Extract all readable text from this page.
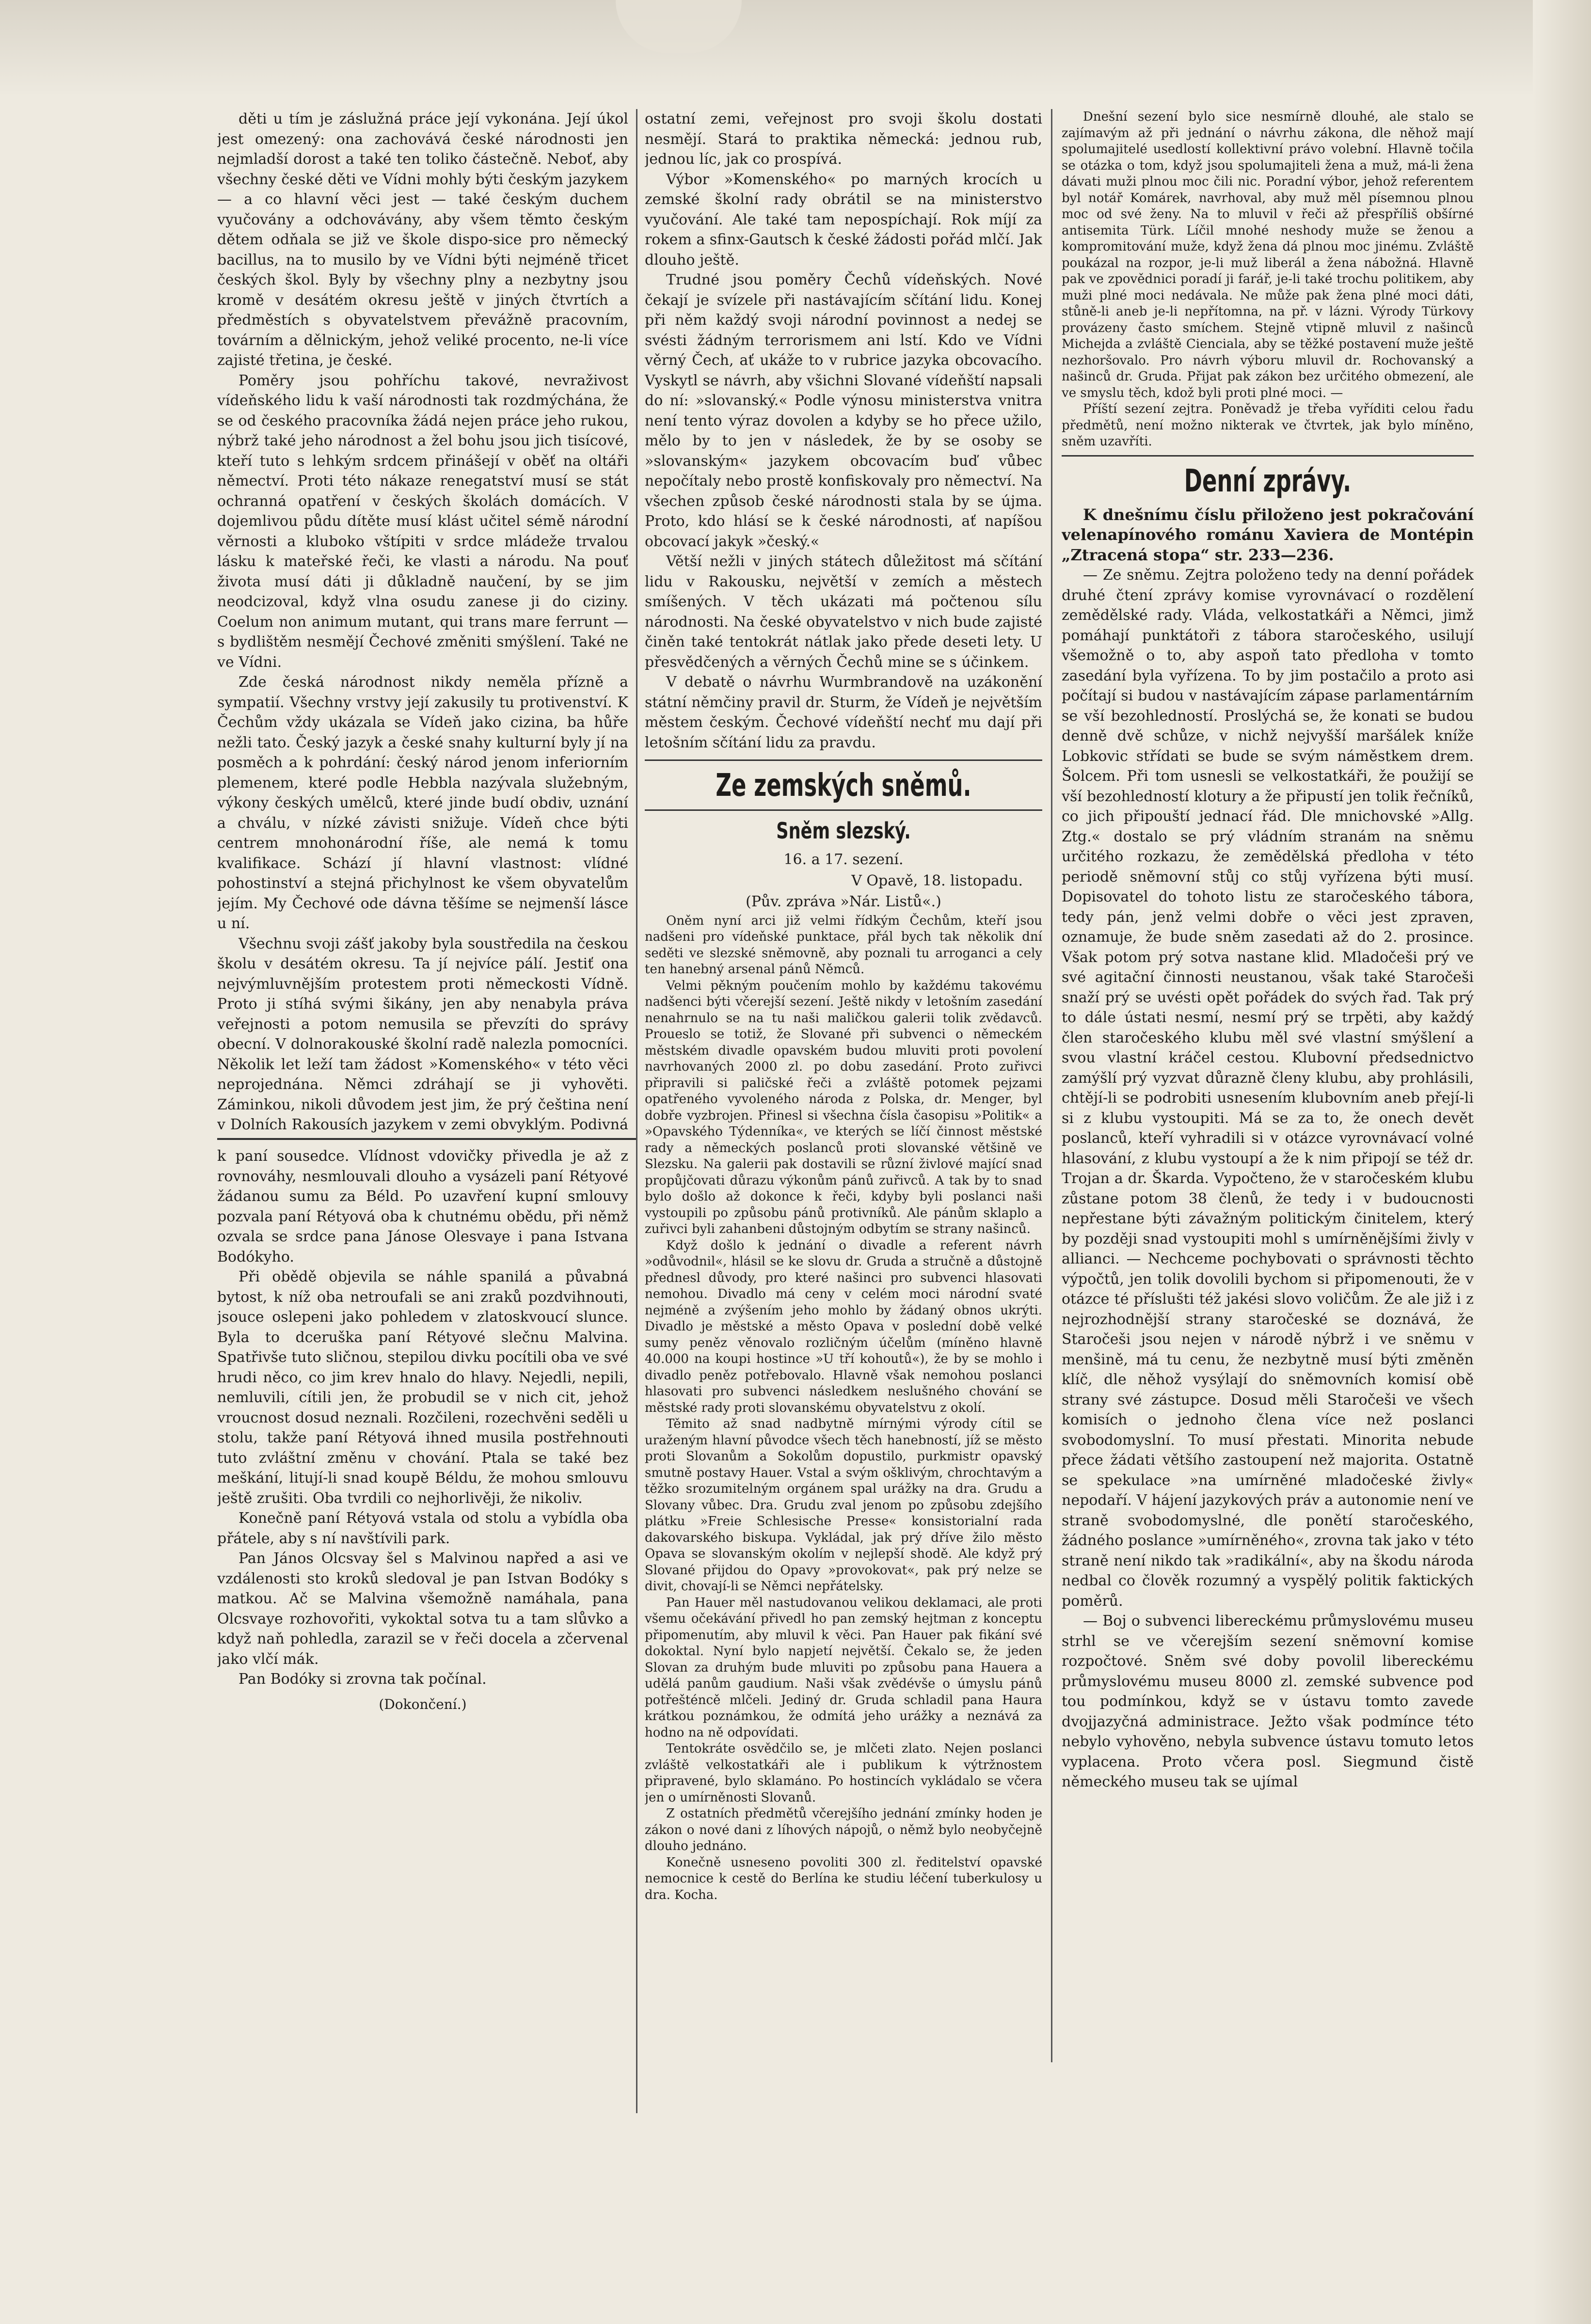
děti u tím je záslužná práce její vykonána. Její úkol jest omezený: ona zachovává české národnosti jen nejmladší dorost a také ten toliko částečně. Neboť, aby všechny české děti ve Vídni mohly býti českým jazykem — a co hlavní věci jest — také českým duchem vyučovány a odchovávány, aby všem těmto českým dětem odňala se již ve škole dispo-sice pro německý bacillus, na to musilo by ve Vídni býti nejméně třicet českých škol. Byly by všechny plny a nezbytny jsou kromě v desátém okresu ještě v jiných čtvrtích a předměstích s obyvatelstvem převážně pracovním, továrním a dělnickým, jehož veliké procento, ne-li více zajisté třetina, je české.

Poměry jsou pohříchu takové, nevraživost vídeňského lidu k vaší národnosti tak rozdmýchána, že se od českého pracovníka žádá nejen práce jeho rukou, nýbrž také jeho národnost a žel bohu jsou jich tisícové, kteří tuto s lehkým srdcem přinášejí v oběť na oltáři němectví. Proti této nákaze renegatství musí se stát ochranná opatření v českých školách domácích. V dojemlivou půdu dítěte musí klást učitel sémě národní věrnosti a kluboko vštípiti v srdce mládeže trvalou lásku k mateřské řeči, ke vlasti a národu. Na pouť života musí dáti ji důkladně naučení, by se jim neodcizoval, když vlna osudu zanese ji do ciziny. Coelum non animum mutant, qui trans mare ferrunt — s bydlištěm nesmějí Čechové změniti smýšlení. Také ne ve Vídni.

Zde česká národnost nikdy neměla přízně a sympatií. Všechny vrstvy její zakusily tu protivenství. K Čechům vždy ukázala se Vídeň jako cizina, ba hůře nežli tato. Český jazyk a české snahy kulturní byly jí na posměch a k pohrdání: český národ jenom inferiorním plemenem, které podle Hebbla nazývala služebným, výkony českých umělců, které jinde budí obdiv, uznání a chválu, v nízké závisti snižuje. Vídeň chce býti centrem mnohonárodní říše, ale nemá k tomu kvalifikace. Schází jí hlavní vlastnost: vlídné pohostinství a stejná přichylnost ke všem obyvatelům jejím. My Čechové ode dávna těšíme se nejmenší lásce u ní.

Všechnu svoji zášť jakoby byla soustředila na českou školu v desátém okresu. Ta jí nejvíce pálí. Jestiť ona nejvýmluvnějším protestem proti německosti Vídně. Proto ji stíhá svými šikány, jen aby nenabyla práva veřejnosti a potom nemusila se převzíti do správy obecní. V dolnorakouské školní radě nalezla pomocníci. Několik let leží tam žádost »Komenského« v této věci neprojednána. Němci zdráhají se ji vyhověti. Záminkou, nikoli důvodem jest jim, že prý čeština není v Dolních Rakousích jazykem v zemi obvyklým. Podivná

k paní sousedce. Vlídnost vdovičky přivedla je až z rovnováhy, nesmlouvali dlouho a vysázeli paní Rétyové žádanou sumu za Béld. Po uzavření kupní smlouvy pozvala paní Rétyová oba k chutnému obědu, při němž ozvala se srdce pana Jánose Olesvaye i pana Istvana Bodókyho.

Při obědě objevila se náhle spanilá a půvabná bytost, k níž oba netroufali se ani zraků pozdvihnouti, jsouce oslepeni jako pohledem v zlatoskvoucí slunce. Byla to dceruška paní Rétyové slečnu Malvina. Spatřivše tuto sličnou, stepilou divku pocítili oba ve své hrudi něco, co jim krev hnalo do hlavy. Nejedli, nepili, nemluvili, cítili jen, že probudil se v nich cit, jehož vroucnost dosud neznali. Rozčileni, rozechvěni seděli u stolu, takže paní Rétyová ihned musila postřehnouti tuto zvláštní změnu v chování. Ptala se také bez meškání, litují-li snad koupě Béldu, že mohou smlouvu ještě zrušiti. Oba tvrdili co nejhorlivěji, že nikoliv.

Konečně paní Rétyová vstala od stolu a vybídla oba přátele, aby s ní navštívili park.

Pan János Olcsvay šel s Malvinou napřed a asi ve vzdálenosti sto kroků sledoval je pan Istvan Bodóky s matkou. Ač se Malvina všemožně namáhala, pana Olcsvaye rozhovořiti, vykoktal sotva tu a tam slůvko a když naň pohledla, zarazil se v řeči docela a zčervenal jako vlčí mák.

Pan Bodóky si zrovna tak počínal.

(Dokončení.)

ostatní zemi, veřejnost pro svoji školu dostati nesmějí. Stará to praktika německá: jednou rub, jednou líc, jak co prospívá.

Výbor »Komenského« po marných krocích u zemské školní rady obrátil se na ministerstvo vyučování. Ale také tam nepospíchají. Rok míjí za rokem a sfinx-Gautsch k české žádosti pořád mlčí. Jak dlouho ještě.

Trudné jsou poměry Čechů vídeňských. Nové čekají je svízele při nastávajícím sčítání lidu. Konej při něm každý svoji národní povinnost a nedej se svésti žádným terrorismem ani lstí. Kdo ve Vídni věrný Čech, ať ukáže to v rubrice jazyka obcovacího. Vyskytl se návrh, aby všichni Slované vídeňští napsali do ní: »slovanský.« Podle výnosu ministerstva vnitra není tento výraz dovolen a kdyby se ho přece užilo, mělo by to jen v následek, že by se osoby se »slovanským« jazykem obcovacím buď vůbec nepočítaly nebo prostě konfiskovaly pro němectví. Na všechen způsob české národnosti stala by se újma. Proto, kdo hlásí se k české národnosti, ať napíšou obcovací jakyk »český.«

Větší nežli v jiných státech důležitost má sčítání lidu v Rakousku, největší v zemích a městech smíšených. V těch ukázati má počtenou sílu národnosti. Na české obyvatelstvo v nich bude zajisté činěn také tentokrát nátlak jako přede deseti lety. U přesvědčených a věrných Čechů mine se s účinkem.

V debatě o návrhu Wurmbrandově na uzákonění státní němčiny pravil dr. Sturm, že Vídeň je největším městem českým. Čechové vídeňští nechť mu dají při letošním sčítání lidu za pravdu.

Ze zemských sněmů.
Sněm slezský.

16. a 17. sezení.

V Opavě, 18. listopadu.

(Pův. zpráva »Nár. Listů«.)

Oněm nyní arci již velmi řídkým Čechům, kteří jsou nadšeni pro vídeňské punktace, přál bych tak několik dní seděti ve slezské sněmovně, aby poznali tu arroganci a cely ten hanebný arsenal pánů Němců.

Velmi pěkným poučením mohlo by každému takovému nadšenci býti včerejší sezení. Ještě nikdy v letošním zasedání nenahrnulo se na tu naši maličkou galerii tolik zvědavců. Proueslo se totiž, že Slované při subvenci o německém městském divadle opavském budou mluviti proti povolení navrhovaných 2000 zl. po dobu zasedání. Proto zuřivci připravili si paličské řeči a zvláště potomek pejzami opatřeného vyvoleného národa z Polska, dr. Menger, byl dobře vyzbrojen. Přinesl si všechna čísla časopisu »Politik« a »Opavského Týdenníka«, ve kterých se líčí činnost městské rady a německých poslanců proti slovanské většině ve Slezsku. Na galerii pak dostavili se různí živlové mající snad propůjčovati důrazu výkonům pánů zuřivců. A tak by to snad bylo došlo až dokonce k řeči, kdyby byli poslanci naši vystoupili po způsobu pánů protivníků. Ale pánům sklaplo a zuřivci byli zahanbeni důstojným odbytím se strany našinců.

Když došlo k jednání o divadle a referent návrh »odůvodnil«, hlásil se ke slovu dr. Gruda a stručně a důstojně přednesl důvody, pro které našinci pro subvenci hlasovati nemohou. Divadlo má ceny v celém moci národní svaté nejméně a zvýšením jeho mohlo by žádaný obnos ukrýti. Divadlo je městské a město Opava v poslední době velké sumy peněz věnovalo rozličným účelům (míněno hlavně 40.000 na koupi hostince »U tří kohoutů«), že by se mohlo i divadlo peněz potřebovalo. Hlavně však nemohou poslanci hlasovati pro subvenci následkem neslušného chování se městské rady proti slovanskému obyvatelstvu z okolí.

Těmito až snad nadbytně mírnými výrody cítil se uraženým hlavní původce všech těch hanebností, jíž se město proti Slovanům a Sokolům dopustilo, purkmistr opavský smutně postavy Hauer. Vstal a svým ošklivým, chrochtavým a těžko srozumitelným orgánem spal urážky na dra. Grudu a Slovany vůbec. Dra. Grudu zval jenom po způsobu zdejšího plátku »Freie Schlesische Presse« konsistorialní rada dakovarského biskupa. Vykládal, jak prý dříve žilo město Opava se slovanským okolím v nejlepší shodě. Ale když prý Slované přijdou do Opavy »provokovat«, pak prý nelze se divit, chovají-li se Němci nepřátelsky.

Pan Hauer měl nastudovanou velikou deklamaci, ale proti všemu očekávání přivedl ho pan zemský hejtman z konceptu připomenutím, aby mluvil k věci. Pan Hauer pak fikání své dokoktal. Nyní bylo napjetí největší. Čekalo se, že jeden Slovan za druhým bude mluviti po způsobu pana Hauera a udělá panům gaudium. Naši však zvědévše o úmyslu pánů potřešténcě mlčeli. Jediný dr. Gruda schladil pana Haura krátkou poznámkou, že odmítá jeho urážky a neznává za hodno na ně odpovídati.

Tentokráte osvědčilo se, je mlčeti zlato. Nejen poslanci zvláště velkostatkáři ale i publikum k výtržnostem připravené, bylo sklamáno. Po hostincích vykládalo se včera jen o umírněnosti Slovanů.

Z ostatních předmětů včerejšího jednání zmínky hoden je zákon o nové dani z líhových nápojů, o němž bylo neobyčejně dlouho jednáno.

Konečně usneseno povoliti 300 zl. ředitelství opavské nemocnice k cestě do Berlína ke studiu léčení tuberkulosy u dra. Kocha.

Dnešní sezení bylo sice nesmírně dlouhé, ale stalo se zajímavým až při jednání o návrhu zákona, dle něhož mají spolumajitelé usedlostí kollektivní právo volební. Hlavně točila se otázka o tom, když jsou spolumajiteli žena a muž, má-li žena dávati muži plnou moc čili nic. Poradní výbor, jehož referentem byl notář Komárek, navrhoval, aby muž měl písemnou plnou moc od své ženy. Na to mluvil v řeči až přespříliš obšírné antisemita Türk. Líčil mnohé neshody muže se ženou a kompromitování muže, když žena dá plnou moc jinému. Zvláště poukázal na rozpor, je-li muž liberál a žena nábožná. Hlavně pak ve zpovědnici poradí ji farář, je-li také trochu politikem, aby muži plné moci nedávala. Ne může pak žena plné moci dáti, stůně-li aneb je-li nepřítomna, na př. v lázni. Výrody Türkovy provázeny často smíchem. Stejně vtipně mluvil z našinců Michejda a zvláště Cienciala, aby se těžké postavení muže ještě nezhoršovalo. Pro návrh výboru mluvil dr. Rochovanský a našinců dr. Gruda. Přijat pak zákon bez určitého obmezení, ale ve smyslu těch, kdož byli proti plné moci. —

Příští sezení zejtra. Poněvadž je třeba vyříditi celou řadu předmětů, není možno nikterak ve čtvrtek, jak bylo míněno, sněm uzavříti.

Denní zprávy.

K dnešnímu číslu přiloženo jest pokračování velenapínového románu Xaviera de Montépin „Ztracená stopa“ str. 233—236.

— Ze sněmu. Zejtra položeno tedy na denní pořádek druhé čtení zprávy komise vyrovnávací o rozdělení zemědělské rady. Vláda, velkostatkáři a Němci, jimž pomáhají punktátoři z tábora staročeského, usilují všemožně o to, aby aspoň tato předloha v tomto zasedání byla vyřízena. To by jim postačilo a proto asi počítají si budou v nastávajícím zápase parlamentárním se vší bezohledností. Proslýchá se, že konati se budou denně dvě schůze, v nichž nejvyšší maršálek kníže Lobkovic střídati se bude se svým náměstkem drem. Šolcem. Při tom usnesli se velkostatkáři, že použijí se vší bezohledností klotury a že připustí jen tolik řečníků, co jich připouští jednací řád. Dle mnichovské »Allg. Ztg.« dostalo se prý vládním stranám na sněmu určitého rozkazu, že zemědělská předloha v této periodě sněmovní stůj co stůj vyřízena býti musí. Dopisovatel do tohoto listu ze staročeského tábora, tedy pán, jenž velmi dobře o věci jest zpraven, oznamuje, že bude sněm zasedati až do 2. prosince. Však potom prý sotva nastane klid. Mladočeši prý ve své agitační činnosti neustanou, však také Staročeši snaží prý se uvésti opět pořádek do svých řad. Tak prý to dále ústati nesmí, nesmí prý se trpěti, aby každý člen staročeského klubu měl své vlastní smýšlení a svou vlastní kráčel cestou. Klubovní předsednictvo zamýšlí prý vyzvat důrazně členy klubu, aby prohlásili, chtějí-li se podrobiti usnesením klubovním aneb přejí-li si z klubu vystoupiti. Má se za to, že onech devět poslanců, kteří vyhradili si v otázce vyrovnávací volné hlasování, z klubu vystoupí a že k nim připojí se též dr. Trojan a dr. Škarda. Vypočteno, že v staročeském klubu zůstane potom 38 členů, že tedy i v budoucnosti nepřestane býti závažným politickým činitelem, který by později snad vystoupiti mohl s umírněnějšími živly v allianci. — Nechceme pochybovati o správnosti těchto výpočtů, jen tolik dovolili bychom si připomenouti, že v otázce té příslušti též jakési slovo voličům. Že ale již i z nejrozhodnější strany staročeské se doznává, že Staročeši jsou nejen v národě nýbrž i ve sněmu v menšině, má tu cenu, že nezbytně musí býti změněn klíč, dle něhož vysýlají do sněmovních komisí obě strany své zástupce. Dosud měli Staročeši ve všech komisích o jednoho člena více než poslanci svobodomyslní. To musí přestati. Minorita nebude přece žádati většího zastoupení než majorita. Ostatně se spekulace »na umírněné mladočeské živly« nepodaří. V hájení jazykových práv a autonomie není ve straně svobodomyslné, dle ponětí staročeského, žádného poslance »umírněného«, zrovna tak jako v této straně není nikdo tak »radikální«, aby na škodu národa nedbal co člověk rozumný a vyspělý politik faktických poměrů.

— Boj o subvenci libereckému průmyslovému museu strhl se ve včerejším sezení sněmovní komise rozpočtové. Sněm své doby povolil libereckému průmyslovému museu 8000 zl. zemské subvence pod tou podmínkou, když se v ústavu tomto zavede dvojjazyčná administrace. Ježto však podmínce této nebylo vyhověno, nebyla subvence ústavu tomuto letos vyplacena. Proto včera posl. Siegmund čistě německého museu tak se ujímal
